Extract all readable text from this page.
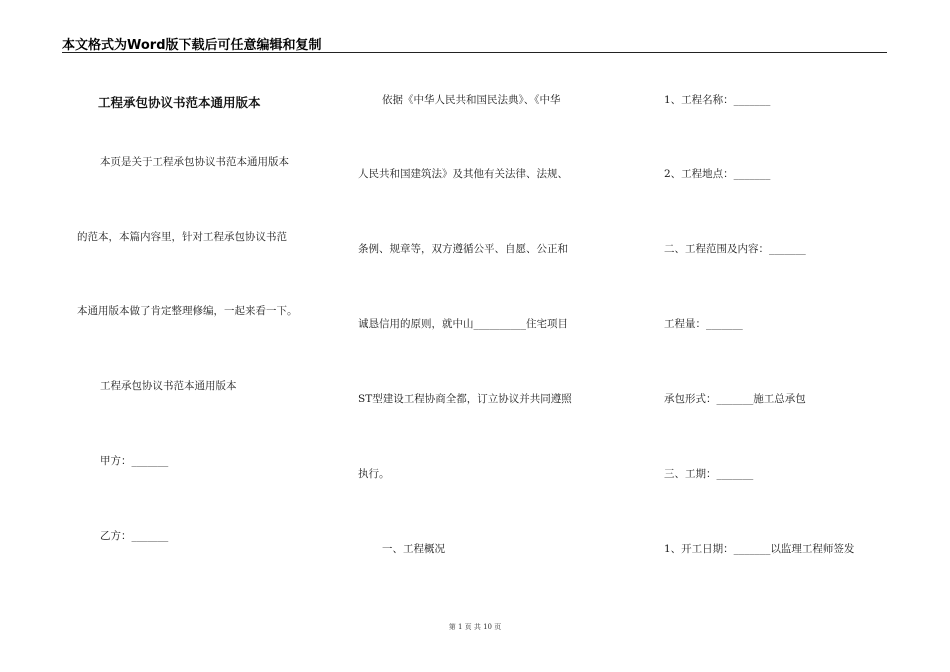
本文格式为Word版下载后可任意编辑和复制
工程承包协议书范本通用版本
本页是关于工程承包协议书范本通用版本
的范本，本篇内容里，针对工程承包协议书范
本通用版本做了肯定整理修编，一起来看一下。
工程承包协议书范本通用版本
甲方：_______
乙方：_______
依据《中华人民共和国民法典》、《中华
人民共和国建筑法》及其他有关法律、法规、
条例、规章等，双方遵循公平、自愿、公正和
诚恳信用的原则，就中山__________住宅项目
ST型建设工程协商全都，订立协议并共同遵照
执行。
一、工程概况
1、工程名称：_______
2、工程地点：_______
二、工程范围及内容：_______
工程量：_______
承包形式：_______施工总承包
三、工期：_______
1、开工日期：_______以监理工程师签发
第 1 页 共 10 页
